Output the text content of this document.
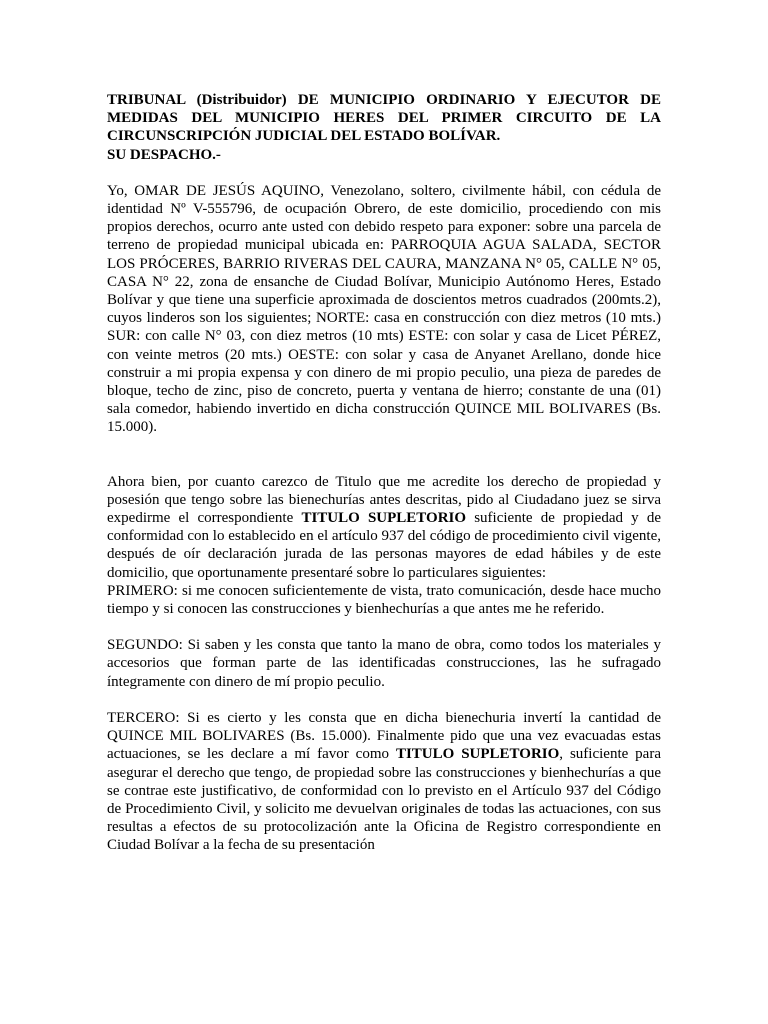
TRIBUNAL (Distribuidor) DE MUNICIPIO ORDINARIO Y EJECUTOR DE MEDIDAS DEL MUNICIPIO HERES DEL PRIMER CIRCUITO DE LA CIRCUNSCRIPCIÓN JUDICIAL DEL ESTADO BOLÍVAR.
SU DESPACHO.-

Yo, OMAR DE JESÚS AQUINO, Venezolano, soltero, civilmente hábil, con cédula de identidad Nº V-555796, de ocupación Obrero, de este domicilio, procediendo con mis propios derechos, ocurro ante usted con debido respeto para exponer: sobre una parcela de terreno de propiedad municipal ubicada en: PARROQUIA AGUA SALADA, SECTOR LOS PRÓCERES, BARRIO RIVERAS DEL CAURA, MANZANA N° 05, CALLE N° 05, CASA N° 22, zona de ensanche de Ciudad Bolívar, Municipio Autónomo Heres, Estado Bolívar y que tiene una superficie aproximada de doscientos metros cuadrados (200mts.2), cuyos linderos son los siguientes; NORTE: casa en construcción con diez metros (10 mts.) SUR: con calle N° 03, con diez metros (10 mts) ESTE: con solar y casa de Licet PÉREZ, con veinte metros (20 mts.) OESTE: con solar y casa de Anyanet Arellano, donde hice construir a mi propia expensa y con dinero de mi propio peculio, una pieza de paredes de bloque, techo de zinc, piso de concreto, puerta y ventana de hierro; constante de una (01) sala comedor, habiendo invertido en dicha construcción QUINCE MIL BOLIVARES (Bs. 15.000).

Ahora bien, por cuanto carezco de Titulo que me acredite los derecho de propiedad y posesión que tengo sobre las bienechurías antes descritas, pido al Ciudadano juez se sirva expedirme el correspondiente TITULO SUPLETORIO suficiente de propiedad y de conformidad con lo establecido en el artículo 937 del código de procedimiento civil vigente, después de oír declaración jurada de las personas mayores de edad hábiles y de este domicilio, que oportunamente presentaré sobre lo particulares siguientes:
PRIMERO: si me conocen suficientemente de vista, trato comunicación, desde hace mucho tiempo y si conocen las construcciones y bienhechurías a que antes me he referido.

SEGUNDO: Si saben y les consta que tanto la mano de obra, como todos los materiales y accesorios que forman parte de las identificadas construcciones, las he sufragado íntegramente con dinero de mí propio peculio.

TERCERO: Si es cierto y les consta que en dicha bienechuria invertí la cantidad de QUINCE MIL BOLIVARES (Bs. 15.000). Finalmente pido que una vez evacuadas estas actuaciones, se les declare a mí favor como TITULO SUPLETORIO, suficiente para asegurar el derecho que tengo, de propiedad sobre las construcciones y bienhechurías a que se contrae este justificativo, de conformidad con lo previsto en el Artículo 937 del Código de Procedimiento Civil, y solicito me devuelvan originales de todas las actuaciones, con sus resultas a efectos de su protocolización ante la Oficina de Registro correspondiente en Ciudad Bolívar a la fecha de su presentación
